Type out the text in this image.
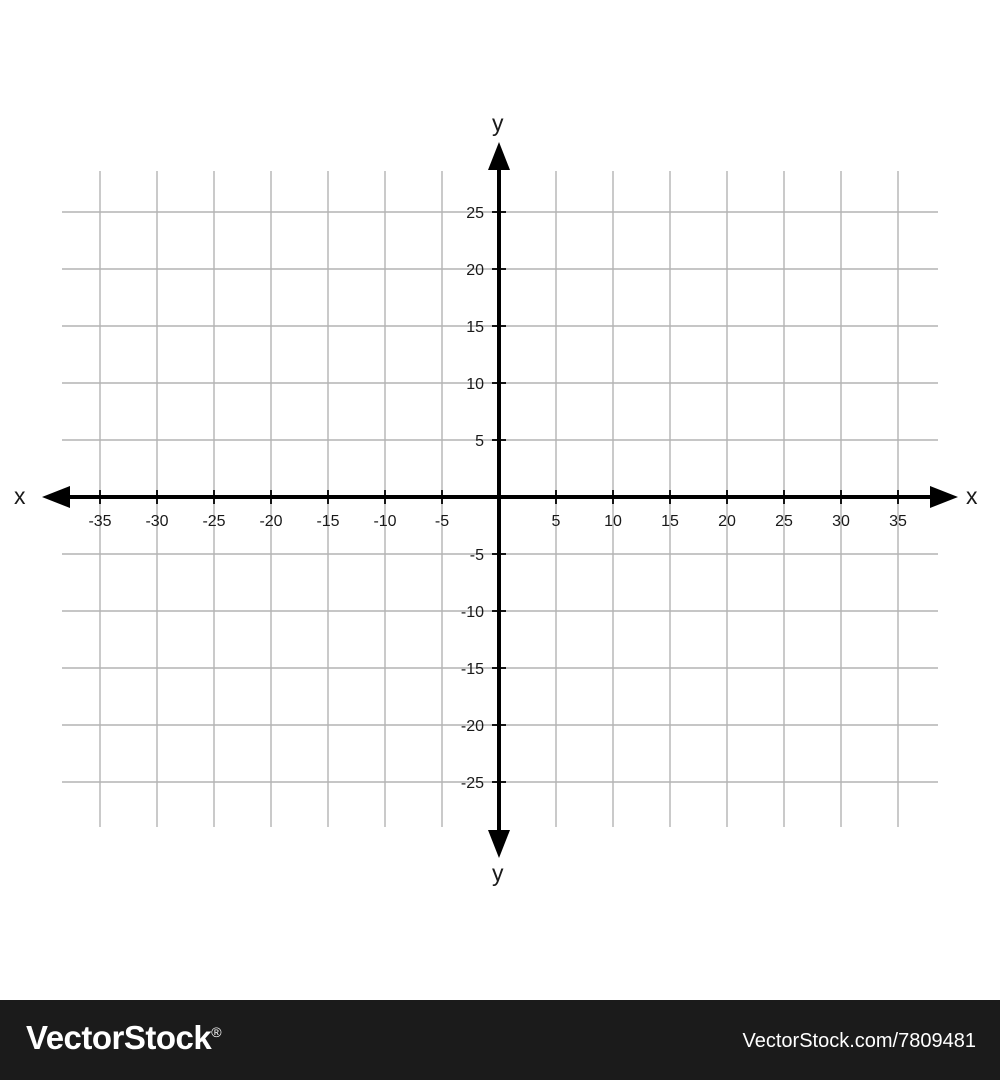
-35 -30 -25 -20 -15 -10 -5	5	10 15 20 25 30 35
25
20
15
10
5
-5
-10
-15
-20
-25
x	x
y
y
VectorStock®	VectorStock.com/7809481
